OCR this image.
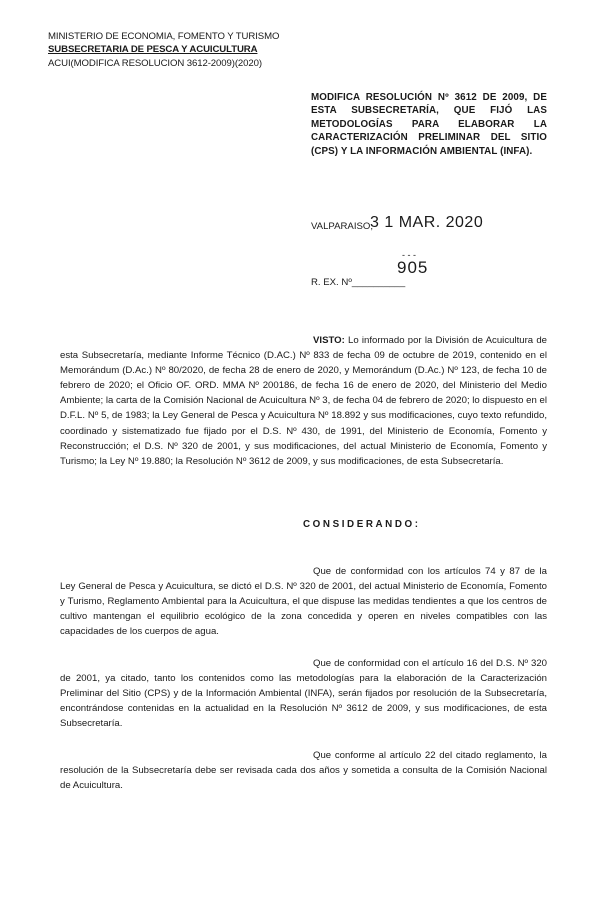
MINISTERIO DE ECONOMIA, FOMENTO Y TURISMO
SUBSECRETARIA DE PESCA Y ACUICULTURA
ACUI(MODIFICA RESOLUCION 3612-2009)(2020)
MODIFICA RESOLUCIÓN Nº 3612 DE 2009, DE ESTA SUBSECRETARÍA, QUE FIJÓ LAS METODOLOGÍAS PARA ELABORAR LA CARACTERIZACIÓN PRELIMINAR DEL SITIO (CPS) Y LA INFORMACIÓN AMBIENTAL (INFA).
VALPARAISO,
3 1 MAR. 2020
- - -
905
R. EX. Nº__________
VISTO: Lo informado por la División de Acuicultura de esta Subsecretaría, mediante Informe Técnico (D.AC.) Nº 833 de fecha 09 de octubre de 2019, contenido en el Memorándum (D.Ac.) Nº 80/2020, de fecha 28 de enero de 2020, y Memorándum (D.Ac.) Nº 123, de fecha 10 de febrero de 2020; el Oficio OF. ORD. MMA Nº 200186, de fecha 16 de enero de 2020, del Ministerio del Medio Ambiente; la carta de la Comisión Nacional de Acuicultura Nº 3, de fecha 04 de febrero de 2020; lo dispuesto en el D.F.L. Nº 5, de 1983; la Ley General de Pesca y Acuicultura Nº 18.892 y sus modificaciones, cuyo texto refundido, coordinado y sistematizado fue fijado por el D.S. Nº 430, de 1991, del Ministerio de Economía, Fomento y Reconstrucción; el D.S. Nº 320 de 2001, y sus modificaciones, del actual Ministerio de Economía, Fomento y Turismo; la Ley Nº 19.880; la Resolución Nº 3612 de 2009, y sus modificaciones, de esta Subsecretaría.
CONSIDERANDO:
Que de conformidad con los artículos 74 y 87 de la Ley General de Pesca y Acuicultura, se dictó el D.S. Nº 320 de 2001, del actual Ministerio de Economía, Fomento y Turismo, Reglamento Ambiental para la Acuicultura, el que dispuse las medidas tendientes a que los centros de cultivo mantengan el equilibrio ecológico de la zona concedida y operen en niveles compatibles con las capacidades de los cuerpos de agua.
Que de conformidad con el artículo 16 del D.S. Nº 320 de 2001, ya citado, tanto los contenidos como las metodologías para la elaboración de la Caracterización Preliminar del Sitio (CPS) y de la Información Ambiental (INFA), serán fijados por resolución de la Subsecretaría, encontrándose contenidas en la actualidad en la Resolución Nº 3612 de 2009, y sus modificaciones, de esta Subsecretaría.
Que conforme al artículo 22 del citado reglamento, la resolución de la Subsecretaría debe ser revisada cada dos años y sometida a consulta de la Comisión Nacional de Acuicultura.
